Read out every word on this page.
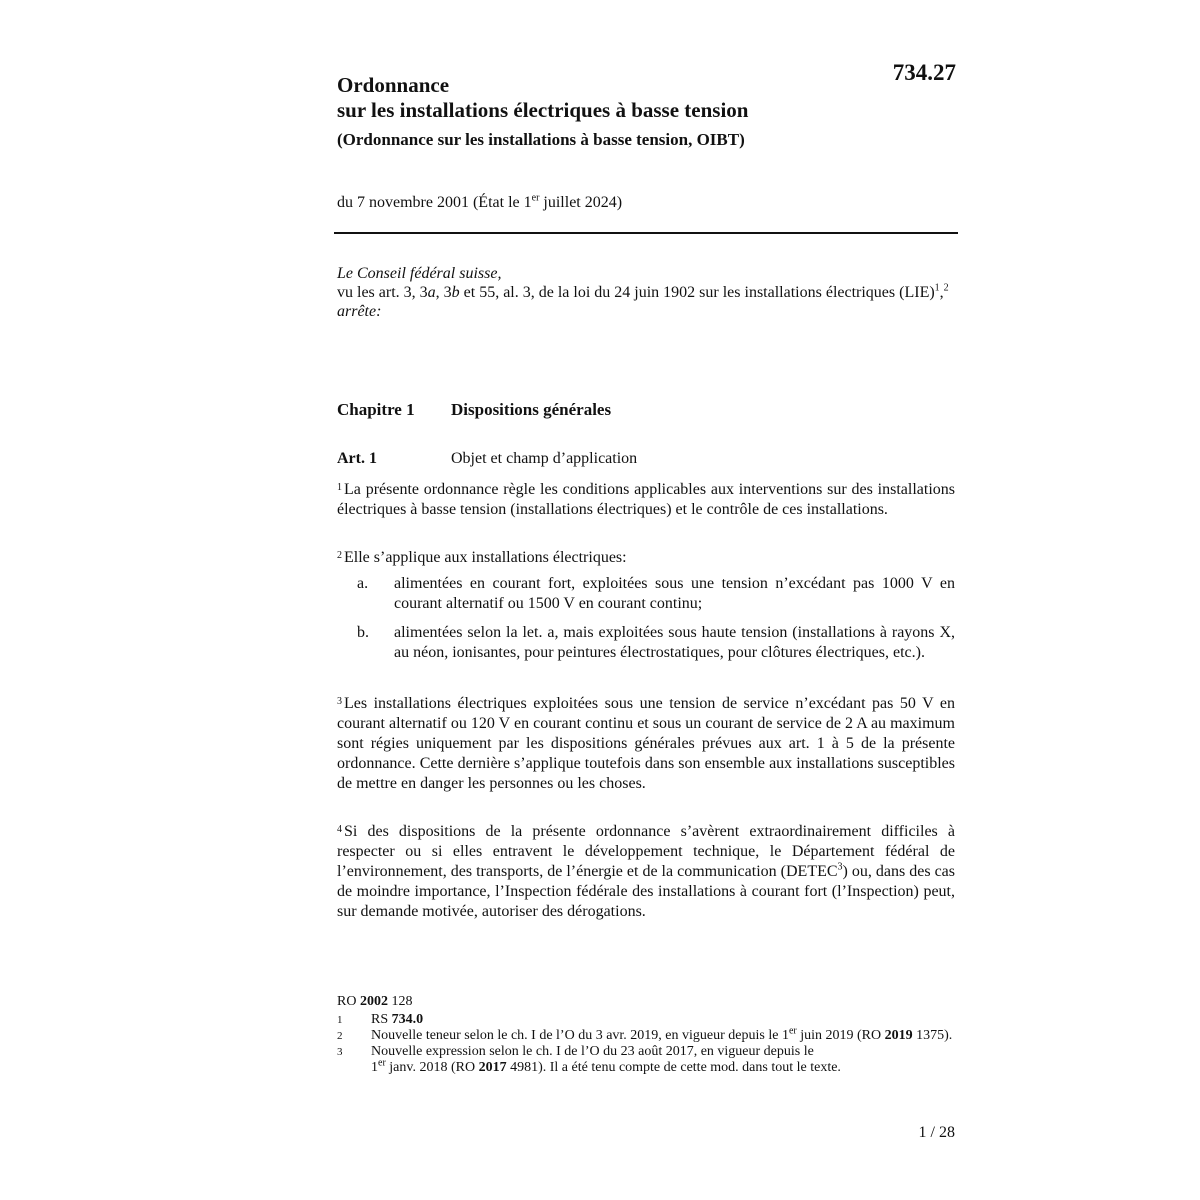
734.27
Ordonnance
sur les installations électriques à basse tension
(Ordonnance sur les installations à basse tension, OIBT)
du 7 novembre 2001 (État le 1er juillet 2024)

Le Conseil fédéral suisse,

vu les art. 3, 3a, 3b et 55, al. 3, de la loi du 24 juin 1902 sur les installations électriques (LIE)$^1$,$^2$

arrête:

Chapitre 1 Dispositions générales
Art. 1	Objet et champ d’application

$^1$ La présente ordonnance règle les conditions applicables aux interventions sur des installations électriques à basse tension (installations électriques) et le contrôle de ces installations.

$^2$ Elle s’applique aux installations électriques:

a. alimentées en courant fort, exploitées sous une tension n’excédant pas 1000 V en courant alternatif ou 1500 V en courant continu;
b. alimentées selon la let. a, mais exploitées sous haute tension (installations à rayons X, au néon, ionisantes, pour peintures électrostatiques, pour clôtures électriques, etc.).

$^3$ Les installations électriques exploitées sous une tension de service n’excédant pas 50 V en courant alternatif ou 120 V en courant continu et sous un courant de service de 2 A au maximum sont régies uniquement par les dispositions générales prévues aux art. 1 à 5 de la présente ordonnance. Cette dernière s’applique toutefois dans son ensemble aux installations susceptibles de mettre en danger les personnes ou les choses.

$^4$ Si des dispositions de la présente ordonnance s’avèrent extraordinairement difficiles à respecter ou si elles entravent le développement technique, le Département fédéral de l’environnement, des transports, de l’énergie et de la communication (DETEC$^3$) ou, dans des cas de moindre importance, l’Inspection fédérale des installations à courant fort (l’Inspection) peut, sur demande motivée, autoriser des dérogations.

RO 2002 128
1 RS 734.0
2 Nouvelle teneur selon le ch. I de l’O du 3 avr. 2019, en vigueur depuis le 1er juin 2019 (RO 2019 1375).
3 Nouvelle expression selon le ch. I de l’O du 23 août 2017, en vigueur depuis le
1er janv. 2018 (RO 2017 4981). Il a été tenu compte de cette mod. dans tout le texte.
1 / 28
